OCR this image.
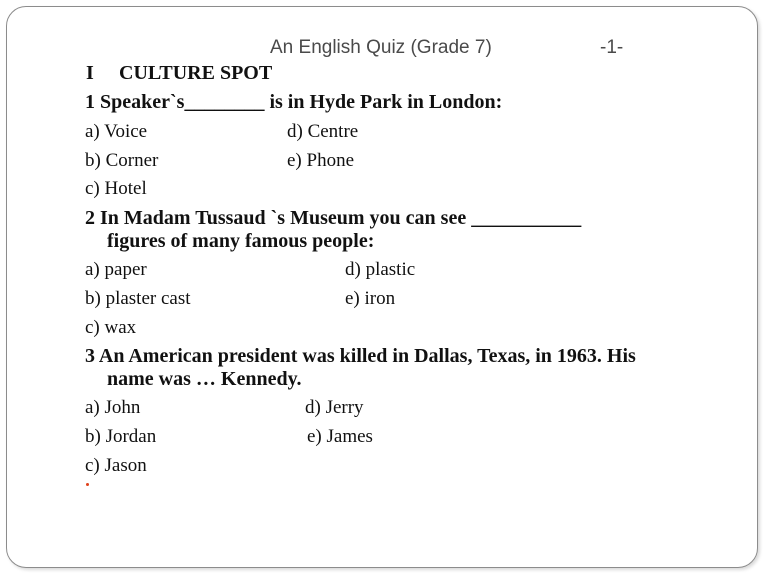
An English Quiz (Grade 7)	-1-
I CULTURE SPOT
1 Speaker`s________ is in Hyde Park in London:
a) Voice	d) Centre
b) Corner	e) Phone
c) Hotel
2 In Madam Tussaud `s Museum you can see ___________
figures of many famous people:
a) paper	d) plastic
b) plaster cast	e) iron
c) wax
3 An American president was killed in Dallas, Texas, in 1963. His
name was … Kennedy.
a) John	d) Jerry
b) Jordan	e) James
c) Jason
